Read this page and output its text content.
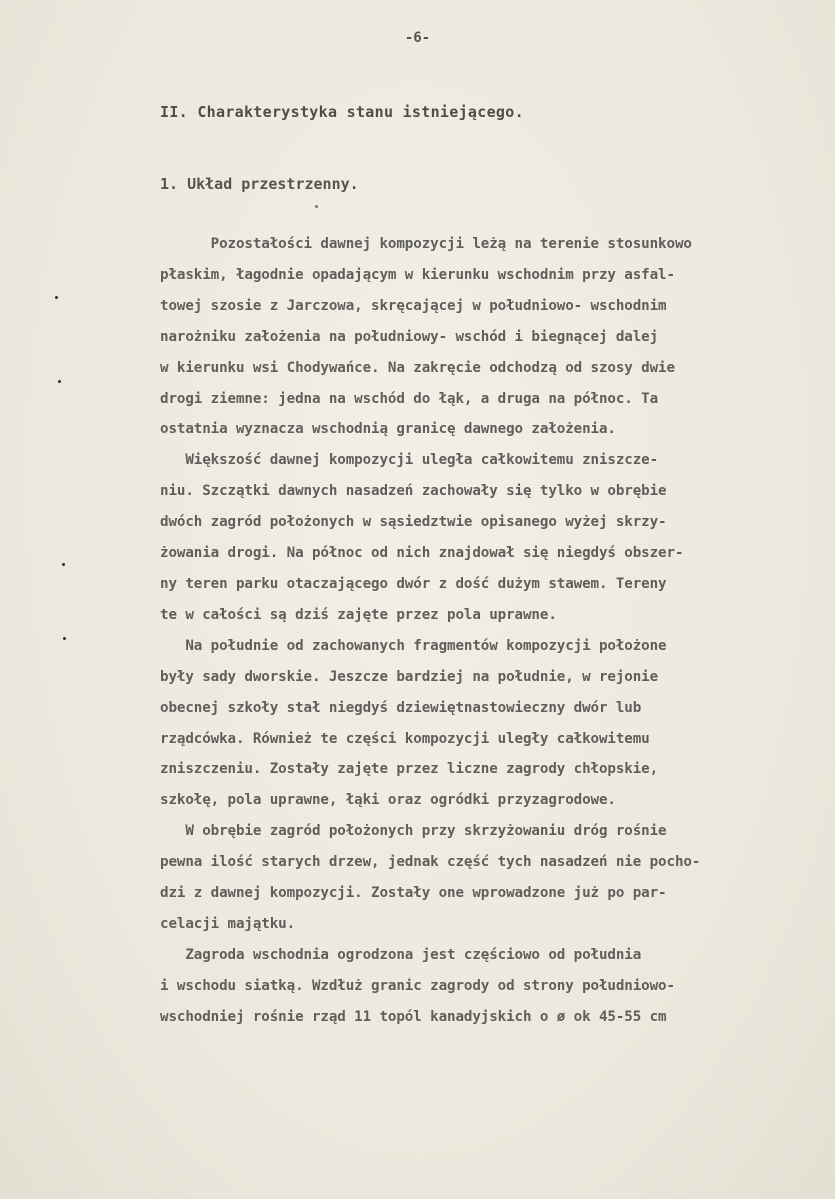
-6-
II. Charakterystyka stanu istniejącego.
1. Układ przestrzenny.

Pozostałości dawnej kompozycji leżą na terenie stosunkowo
płaskim, łagodnie opadającym w kierunku wschodnim przy asfal-
towej szosie z Jarczowa, skręcającej w południowo- wschodnim
narożniku założenia na południowy- wschód i biegnącej dalej
w kierunku wsi Chodywańce. Na zakręcie odchodzą od szosy dwie
drogi ziemne: jedna na wschód do łąk, a druga na północ. Ta
ostatnia wyznacza wschodnią granicę dawnego założenia.

Większość dawnej kompozycji uległa całkowitemu zniszcze-
niu. Szczątki dawnych nasadzeń zachowały się tylko w obrębie
dwóch zagród położonych w sąsiedztwie opisanego wyżej skrzy-
żowania drogi. Na północ od nich znajdował się niegdyś obszer-
ny teren parku otaczającego dwór z dość dużym stawem. Tereny
te w całości są dziś zajęte przez pola uprawne.

Na południe od zachowanych fragmentów kompozycji położone
były sady dworskie. Jeszcze bardziej na południe, w rejonie
obecnej szkoły stał niegdyś dziewiętnastowieczny dwór lub
rządcówka. Również te części kompozycji uległy całkowitemu
zniszczeniu. Zostały zajęte przez liczne zagrody chłopskie,
szkołę, pola uprawne, łąki oraz ogródki przyzagrodowe.

W obrębie zagród położonych przy skrzyżowaniu dróg rośnie
pewna ilość starych drzew, jednak część tych nasadzeń nie pocho-
dzi z dawnej kompozycji. Zostały one wprowadzone już po par-
celacji majątku.

Zagroda wschodnia ogrodzona jest częściowo od południa
i wschodu siatką. Wzdłuż granic zagrody od strony południowo-
wschodniej rośnie rząd 11 topól kanadyjskich o ø ok 45-55 cm
